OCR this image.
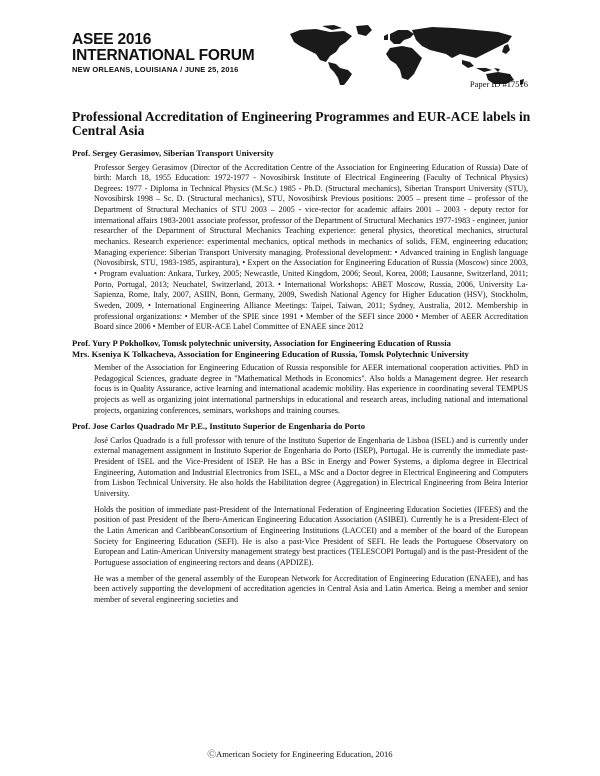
ASEE 2016
INTERNATIONAL FORUM
NEW ORLEANS, LOUISIANA / JUNE 25, 2016
Paper ID #17516
Professional Accreditation of Engineering Programmes and EUR-ACE labels in Central Asia

Prof. Sergey Gerasimov, Siberian Transport University

Professor Sergey Gerasimov (Director of the Accreditation Centre of the Association for Engineering Education of Russia) Date of birth: March 18, 1955 Education: 1972-1977 - Novosibirsk Institute of Electrical Engineering (Faculty of Technical Physics) Degrees: 1977 - Diploma in Technical Physics (M.Sc.) 1985 - Ph.D. (Structural mechanics), Siberian Transport University (STU), Novosibirsk 1998 – Sc. D. (Structural mechanics), STU, Novosibirsk Previous positions: 2005 – present time – professor of the Department of Structural Mechanics of STU 2003 – 2005 - vice-rector for academic affairs 2001 – 2003 - deputy rector for international affairs 1983-2001 associate professor, professor of the Department of Structural Mechanics 1977-1983 - engineer, junior researcher of the Department of Structural Mechanics Teaching experience: general physics, theoretical mechanics, structural mechanics. Research experience: experimental mechanics, optical methods in mechanics of solids, FEM, engineering education; Managing experience: Siberian Transport University managing. Professional development: • Advanced training in English language (Novosibirsk, STU, 1983-1985, aspirantura), • Expert on the Association for Engineering Education of Russia (Moscow) since 2003, • Program evaluation: Ankara, Turkey, 2005; Newcastle, United Kingdom, 2006; Seoul, Korea, 2008; Lausanne, Switzerland, 2011; Porto, Portugal, 2013; Neuchatel, Switzerland, 2013. • International Workshops: ABET Moscow, Russia, 2006, University La-Sapienza, Rome, Italy, 2007, ASIIN, Bonn, Germany, 2009, Swedish National Agency for Higher Education (HSV), Stockholm, Sweden, 2009, • International Engineering Alliance Meetings: Taipei, Taiwan, 2011; Sydney, Australia, 2012. Membership in professional organizations: • Member of the SPIE since 1991 • Member of the SEFI since 2000 • Member of AEER Accreditation Board since 2006 • Member of EUR-ACE Label Committee of ENAEE since 2012

Prof. Yury P Pokholkov, Tomsk polytechnic university, Association for Engineering Education of Russia

Mrs. Kseniya K Tolkacheva, Association for Engineering Education of Russia, Tomsk Polytechnic University

Member of the Association for Engineering Education of Russia responsible for AEER international cooperation activities. PhD in Pedagogical Sciences, graduate degree in "Mathematical Methods in Economics". Also holds a Management degree. Her research focus is in Quality Assurance, active learning and international academic mobility. Has experience in coordinating several TEMPUS projects as well as organizing joint international partnerships in educational and research areas, including national and international projects, organizing conferences, seminars, workshops and training courses.

Prof. Jose Carlos Quadrado Mr P.E., Instituto Superior de Engenharia do Porto

José Carlos Quadrado is a full professor with tenure of the Instituto Superior de Engenharia de Lisboa (ISEL) and is currently under external management assignment in Instituto Superior de Engenharia do Porto (ISEP), Portugal. He is currently the immediate past-President of ISEL and the Vice-President of ISEP. He has a BSc in Energy and Power Systems, a diploma degree in Electrical Engineering, Automation and Industrial Electronics from ISEL, a MSc and a Doctor degree in Electrical Engineering and Computers from Lisbon Technical University. He also holds the Habilitation degree (Aggregation) in Electrical Engineering from Beira Interior University.

Holds the position of immediate past-President of the International Federation of Engineering Education Societies (IFEES) and the position of past President of the Ibero-American Engineering Education Association (ASIBEI). Currently he is a President-Elect of the Latin American and CaribbeanConsortium of Engineering Institutions (LACCEI) and a member of the board of the European Society for Engineering Education (SEFI). He is also a past-Vice President of SEFI. He leads the Portuguese Observatory on European and Latin-American University management strategy best practices (TELESCOPI Portugal) and is the past-President of the Portuguese association of engineering rectors and deans (APDIZE).

He was a member of the general assembly of the European Network for Accreditation of Engineering Education (ENAEE), and has been actively supporting the development of accreditation agencies in Central Asia and Latin America. Being a member and senior member of several engineering societies and

ⒸAmerican Society for Engineering Education, 2016
